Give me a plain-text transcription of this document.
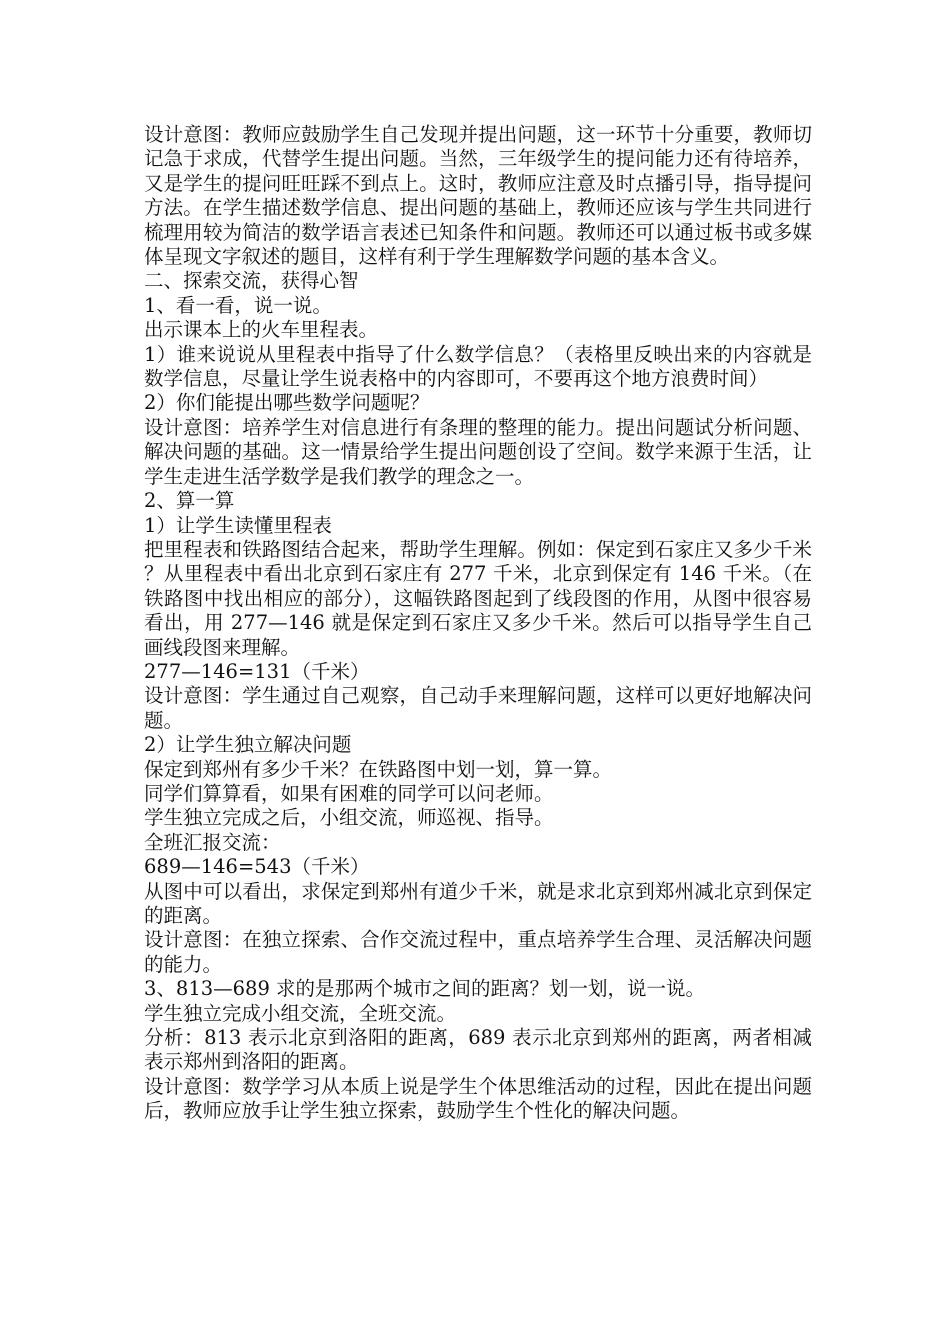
设计意图：教师应鼓励学生自己发现并提出问题，这一环节十分重要，教师切记急于求成，代替学生提出问题。当然，三年级学生的提问能力还有待培养，又是学生的提问旺旺踩不到点上。这时，教师应注意及时点播引导，指导提问方法。在学生描述数学信息、提出问题的基础上，教师还应该与学生共同进行梳理用较为简洁的数学语言表述已知条件和问题。教师还可以通过板书或多媒体呈现文字叙述的题目，这样有利于学生理解数学问题的基本含义。

二、探索交流，获得心智

1、看一看，说一说。

出示课本上的火车里程表。

1）谁来说说从里程表中指导了什么数学信息？（表格里反映出来的内容就是数学信息，尽量让学生说表格中的内容即可，不要再这个地方浪费时间）

2）你们能提出哪些数学问题呢？

设计意图：培养学生对信息进行有条理的整理的能力。提出问题试分析问题、解决问题的基础。这一情景给学生提出问题创设了空间。数学来源于生活，让学生走进生活学数学是我们教学的理念之一。

2、算一算

1）让学生读懂里程表

把里程表和铁路图结合起来，帮助学生理解。例如：保定到石家庄又多少千米？从里程表中看出北京到石家庄有 277 千米，北京到保定有 146 千米。（在铁路图中找出相应的部分），这幅铁路图起到了线段图的作用，从图中很容易看出，用 277—146 就是保定到石家庄又多少千米。然后可以指导学生自己画线段图来理解。

277—146=131（千米）

设计意图：学生通过自己观察，自己动手来理解问题，这样可以更好地解决问题。

2）让学生独立解决问题

保定到郑州有多少千米？在铁路图中划一划，算一算。

同学们算算看，如果有困难的同学可以问老师。

学生独立完成之后，小组交流，师巡视、指导。

全班汇报交流：

689—146=543（千米）

从图中可以看出，求保定到郑州有道少千米，就是求北京到郑州减北京到保定的距离。

设计意图：在独立探索、合作交流过程中，重点培养学生合理、灵活解决问题的能力。

3、813—689 求的是那两个城市之间的距离？划一划，说一说。

学生独立完成小组交流，全班交流。

分析：813 表示北京到洛阳的距离，689 表示北京到郑州的距离，两者相减表示郑州到洛阳的距离。

设计意图：数学学习从本质上说是学生个体思维活动的过程，因此在提出问题后，教师应放手让学生独立探索，鼓励学生个性化的解决问题。
